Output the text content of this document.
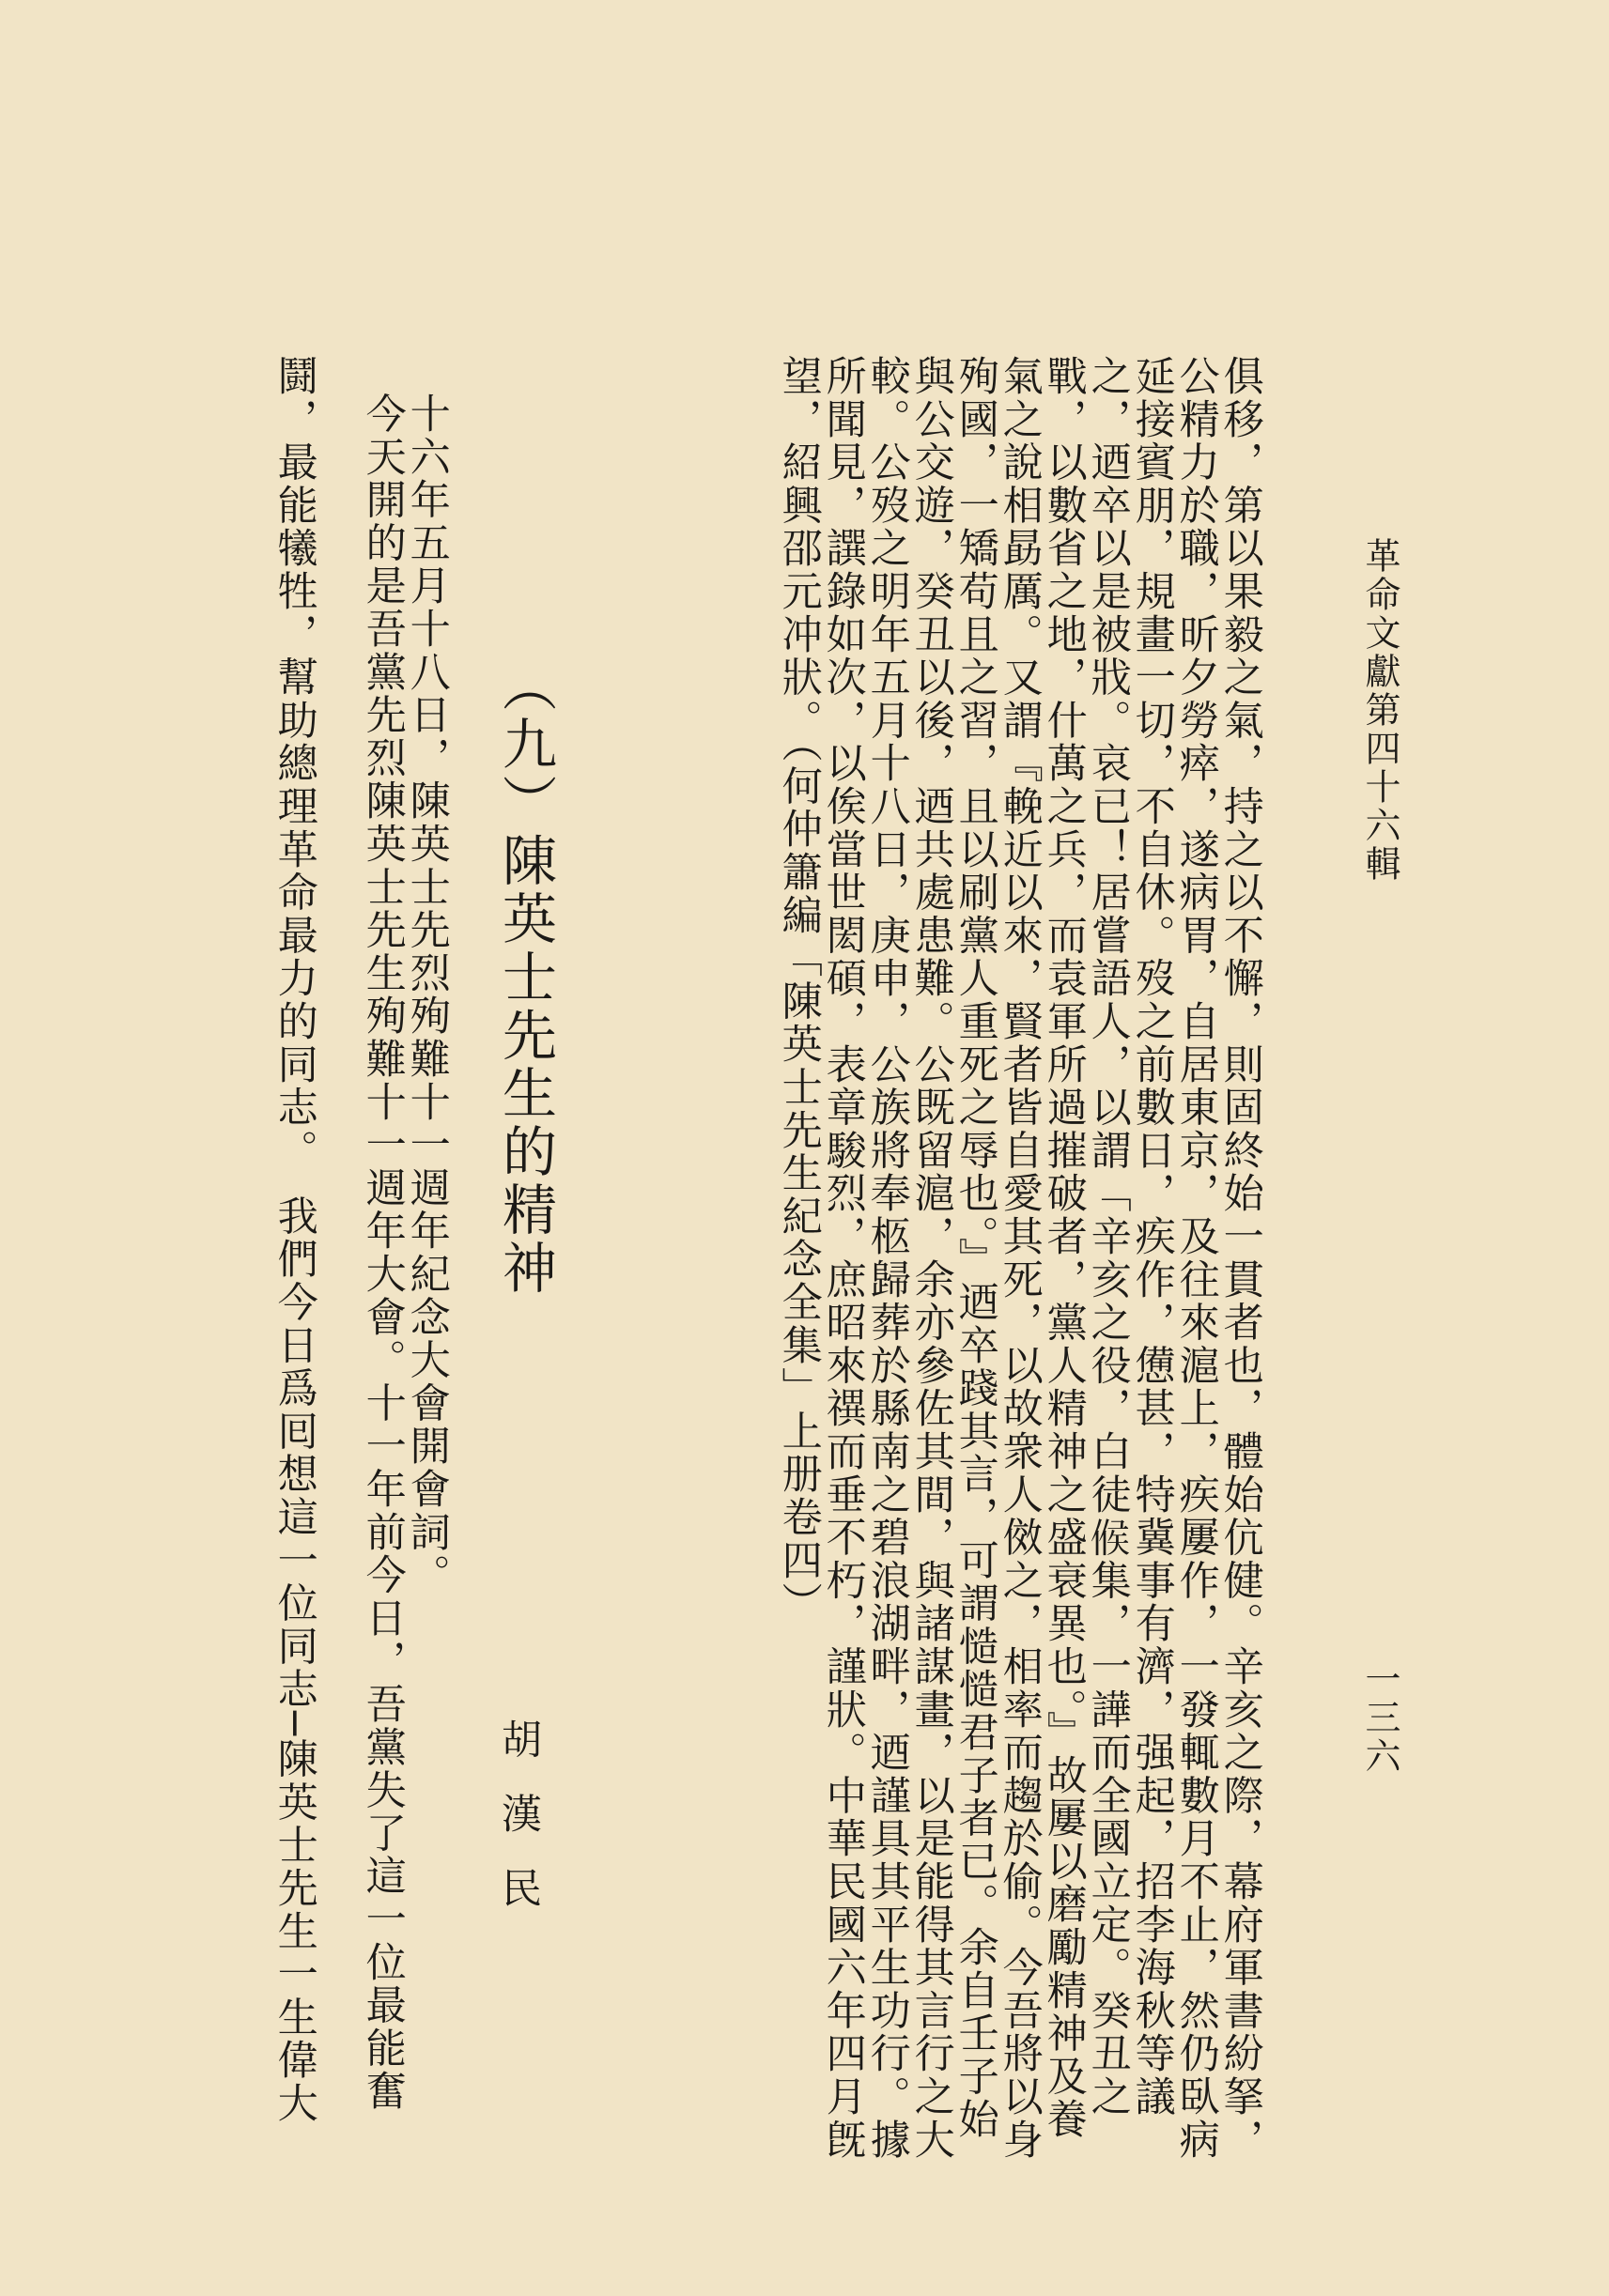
革命文獻第四十六輯
一三六
俱移，第以果毅之氣，持之以不懈，則固終始一貫者也，體始伉健。辛亥之際，幕府軍書紛拏，
公精力於職，昕夕勞瘁，遂病胃，自居東京，及往來滬上，疾屢作，一發輒數月不止，然仍臥病
延接賓朋，規畫一切，不自休。歿之前數日，疾作，憊甚，特冀事有濟，强起，招李海秋等議
之，迺卒以是被戕。哀已！居嘗語人，以謂「辛亥之役，白徒𠋫集，一譁而全國立定。癸丑之
戰，以數省之地，什萬之兵，而袁軍所過摧破者，黨人精神之盛衰異也。』故屢以磨勵精神及養
氣之說相勗厲。又謂『輓近以來，賢者皆自愛其死，以故衆人傚之，相率而趨於偷。今吾將以身
殉國，一矯苟且之習，且以刷黨人重死之辱也。』迺卒踐其言，可謂慥慥君子者已。余自壬子始
與公交遊，癸丑以後，迺共處患難。公既留滬，余亦參佐其間，與諸謀畫，以是能得其言行之大
較。公歿之明年五月十八日，庚申，公族將奉柩歸葬於縣南之碧浪湖畔，迺謹具其平生功行。據
所聞見，譔錄如次，以俟當世閎碩，表章駿烈，庶昭來禩而垂不朽，謹狀。中華民國六年四月旣
望，紹興邵元冲狀。（何仲簫編「陳英士先生紀念全集」上册卷四）
（九）陳英士先生的精神
胡漢民
十六年五月十八日，陳英士先烈殉難十一週年紀念大會開會詞。
今天開的是吾黨先烈陳英士先生殉難十一週年大會。十一年前今日，吾黨失了這一位最能奮
鬪，最能犧牲，幫助總理革命最力的同志。　我們今日爲囘想這一位同志─陳英士先生一生偉大
